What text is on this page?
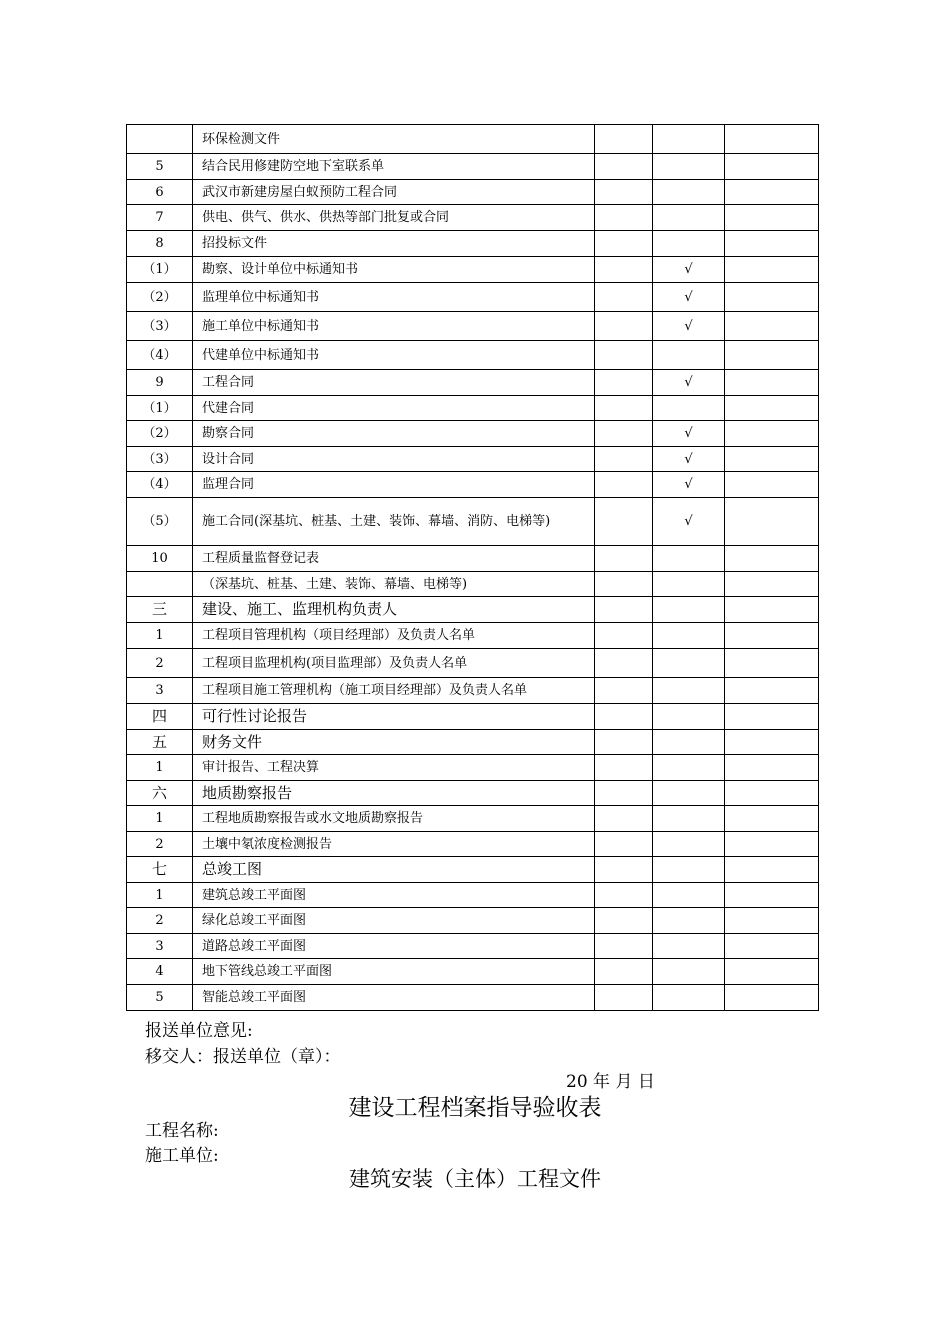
	环保检测文件			
5	结合民用修建防空地下室联系单			
6	武汉市新建房屋白蚁预防工程合同			
7	供电、供气、供水、供热等部门批复或合同			
8	招投标文件			
（1）	勘察、设计单位中标通知书		√	
（2）	监理单位中标通知书		√	
（3）	施工单位中标通知书		√	
（4）	代建单位中标通知书			
9	工程合同		√	
（1）	代建合同			
（2）	勘察合同		√	
（3）	设计合同		√	
（4）	监理合同		√	
（5）	施工合同(深基坑、桩基、土建、装饰、幕墙、消防、电梯等)		√	
10	工程质量监督登记表			
	（深基坑、桩基、土建、装饰、幕墙、电梯等)			
三	建设、施工、监理机构负责人			
1	工程项目管理机构（项目经理部）及负责人名单			
2	工程项目监理机构(项目监理部）及负责人名单			
3	工程项目施工管理机构（施工项目经理部）及负责人名单			
四	可行性讨论报告			
五	财务文件			
1	审计报告、工程决算			
六	地质勘察报告			
1	工程地质勘察报告或水文地质勘察报告			
2	土壤中氡浓度检测报告			
七	总竣工图			
1	建筑总竣工平面图			
2	绿化总竣工平面图			
3	道路总竣工平面图			
4	地下管线总竣工平面图			
5	智能总竣工平面图			
报送单位意见:
移交人：报送单位（章）：
20 年 月 日
建设工程档案指导验收表
工程名称:
施工单位:
建筑安装（主体）工程文件
